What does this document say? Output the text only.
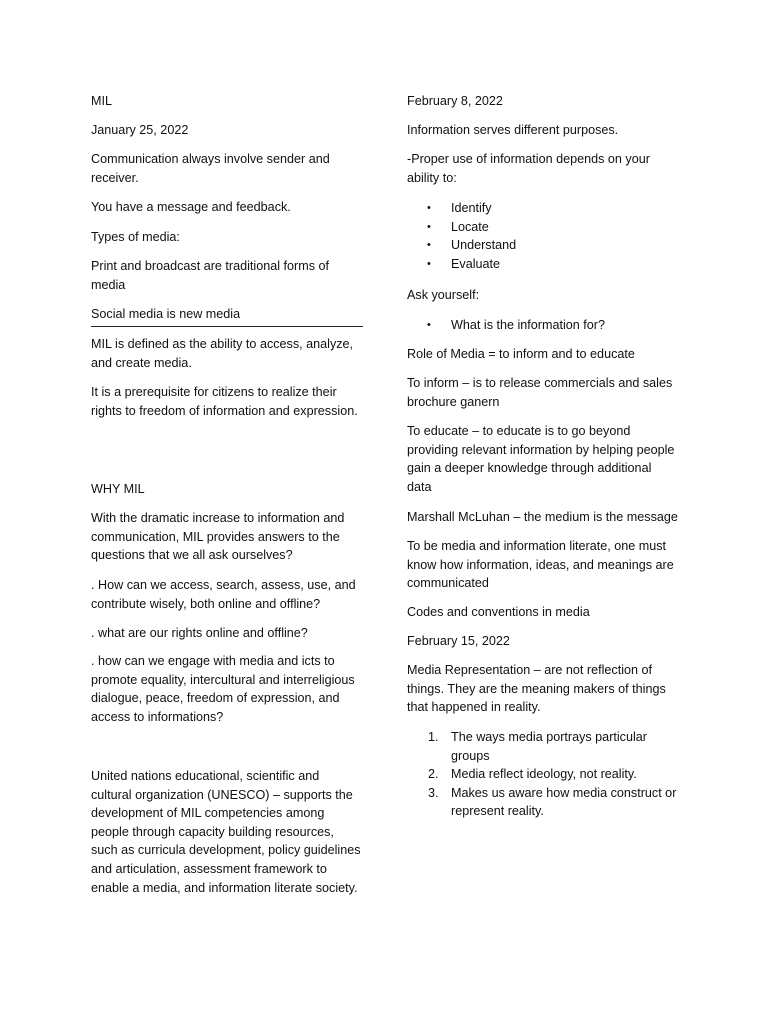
MIL

January 25, 2022

Communication always involve sender and receiver.

You have a message and feedback.

Types of media:

Print and broadcast are traditional forms of media

Social media is new media

MIL is defined as the ability to access, analyze, and create media.

It is a prerequisite for citizens to realize their rights to freedom of information and expression.

WHY MIL

With the dramatic increase to information and communication, MIL provides answers to the questions that we all ask ourselves?

. How can we access, search, assess, use, and contribute wisely, both online and offline?

. what are our rights online and offline?

. how can we engage with media and icts to promote equality, intercultural and interreligious dialogue, peace, freedom of expression, and access to informations?

United nations educational, scientific and cultural organization (UNESCO) – supports the development of MIL competencies among people through capacity building resources, such as curricula development, policy guidelines and articulation, assessment framework to enable a media, and information literate society.

February 8, 2022

Information serves different purposes.

-Proper use of information depends on your ability to:

• Identify
• Locate
• Understand
• Evaluate

Ask yourself:

• What is the information for?

Role of Media = to inform and to educate

To inform – is to release commercials and sales brochure ganern

To educate – to educate is to go beyond providing relevant information by helping people gain a deeper knowledge through additional data

Marshall McLuhan – the medium is the message

To be media and information literate, one must know how information, ideas, and meanings are communicated

Codes and conventions in media

February 15, 2022

Media Representation – are not reflection of things. They are the meaning makers of things that happened in reality.

1. The ways media portrays particular groups
2. Media reflect ideology, not reality.
3. Makes us aware how media construct or represent reality.
